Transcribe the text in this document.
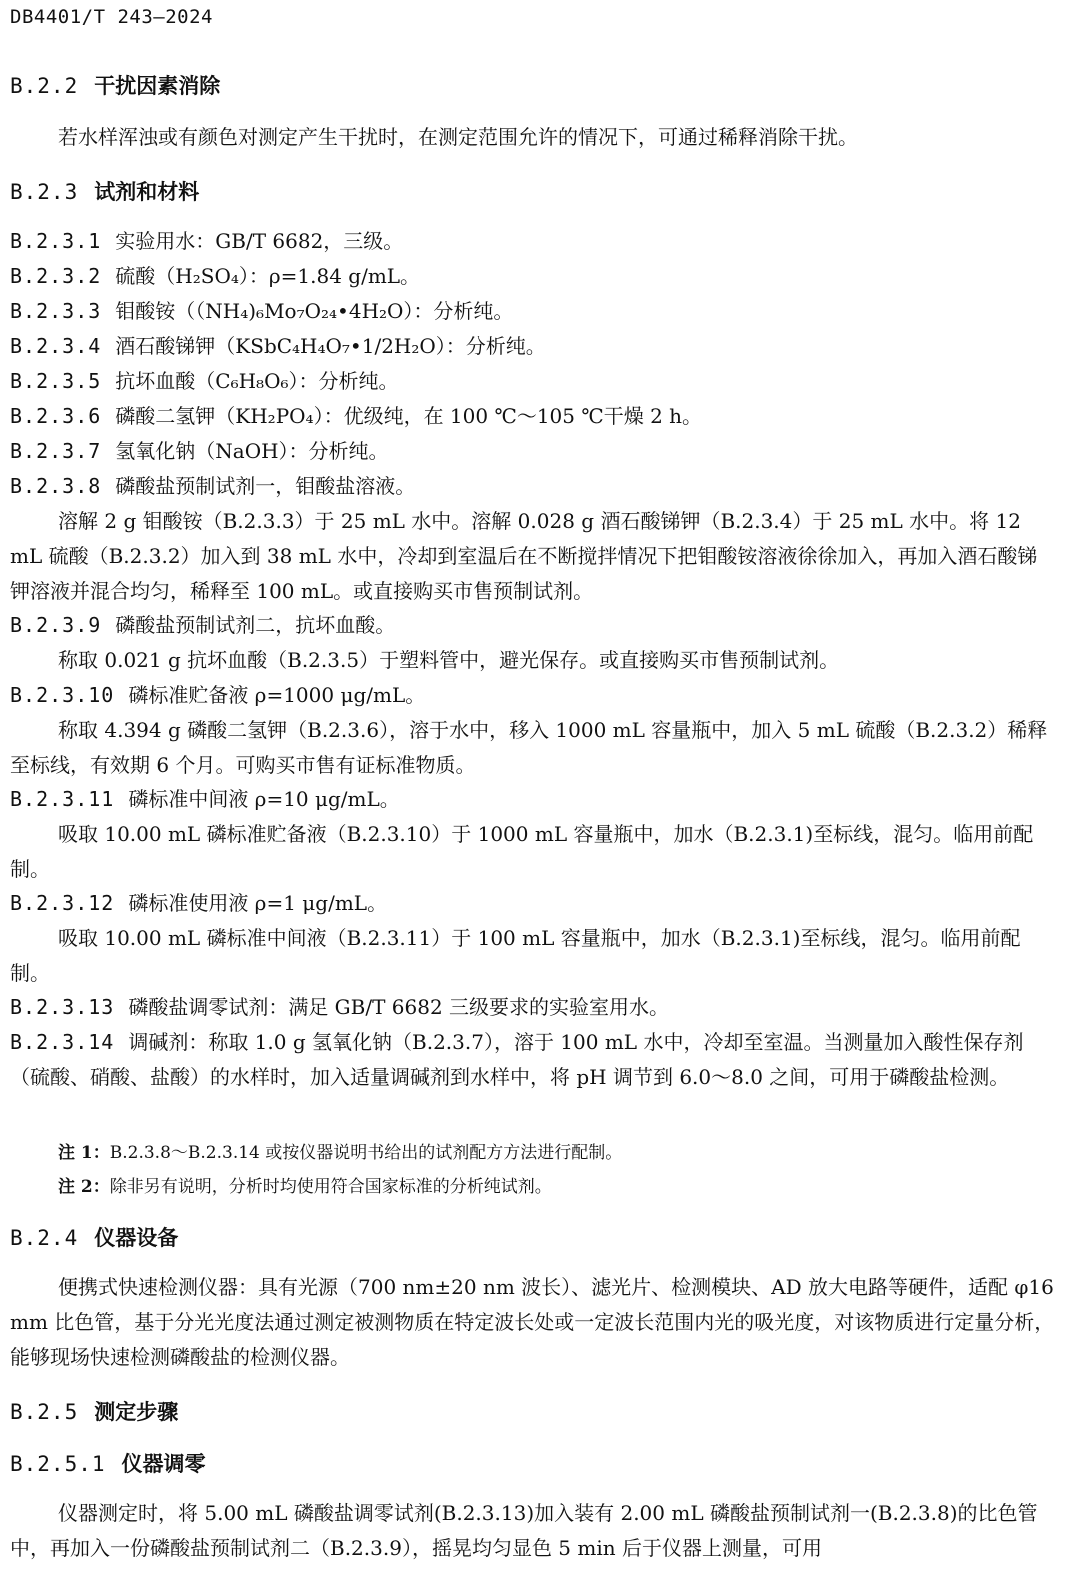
DB4401/T 243—2024
B.2.2 干扰因素消除
若水样浑浊或有颜色对测定产生干扰时，在测定范围允许的情况下，可通过稀释消除干扰。
B.2.3 试剂和材料
B.2.3.1 实验用水：GB/T 6682，三级。
B.2.3.2 硫酸（H₂SO₄）：ρ=1.84 g/mL。
B.2.3.3 钼酸铵（（NH₄)₆Mo₇O₂₄•4H₂O）：分析纯。
B.2.3.4 酒石酸锑钾（KSbC₄H₄O₇•1/2H₂O）：分析纯。
B.2.3.5 抗坏血酸（C₆H₈O₆）：分析纯。
B.2.3.6 磷酸二氢钾（KH₂PO₄）：优级纯，在 100 ℃～105 ℃干燥 2 h。
B.2.3.7 氢氧化钠（NaOH）：分析纯。
B.2.3.8 磷酸盐预制试剂一，钼酸盐溶液。
溶解 2 g 钼酸铵（B.2.3.3）于 25 mL 水中。溶解 0.028 g 酒石酸锑钾（B.2.3.4）于 25 mL 水中。将 12 mL 硫酸（B.2.3.2）加入到 38 mL 水中，冷却到室温后在不断搅拌情况下把钼酸铵溶液徐徐加入，再加入酒石酸锑钾溶液并混合均匀，稀释至 100 mL。或直接购买市售预制试剂。
B.2.3.9 磷酸盐预制试剂二，抗坏血酸。
称取 0.021 g 抗坏血酸（B.2.3.5）于塑料管中，避光保存。或直接购买市售预制试剂。
B.2.3.10 磷标准贮备液 ρ=1000 μg/mL。
称取 4.394 g 磷酸二氢钾（B.2.3.6），溶于水中，移入 1000 mL 容量瓶中，加入 5 mL 硫酸（B.2.3.2）稀释至标线，有效期 6 个月。可购买市售有证标准物质。
B.2.3.11 磷标准中间液 ρ=10 μg/mL。
吸取 10.00 mL 磷标准贮备液（B.2.3.10）于 1000 mL 容量瓶中，加水（B.2.3.1)至标线，混匀。临用前配制。
B.2.3.12 磷标准使用液 ρ=1 μg/mL。
吸取 10.00 mL 磷标准中间液（B.2.3.11）于 100 mL 容量瓶中，加水（B.2.3.1)至标线，混匀。临用前配制。
B.2.3.13 磷酸盐调零试剂：满足 GB/T 6682 三级要求的实验室用水。
B.2.3.14 调碱剂：称取 1.0 g 氢氧化钠（B.2.3.7），溶于 100 mL 水中，冷却至室温。当测量加入酸性保存剂（硫酸、硝酸、盐酸）的水样时，加入适量调碱剂到水样中，将 pH 调节到 6.0～8.0 之间，可用于磷酸盐检测。
注 1：B.2.3.8～B.2.3.14 或按仪器说明书给出的试剂配方方法进行配制。
注 2：除非另有说明，分析时均使用符合国家标准的分析纯试剂。
B.2.4 仪器设备
便携式快速检测仪器：具有光源（700 nm±20 nm 波长）、滤光片、检测模块、AD 放大电路等硬件，适配 φ16 mm 比色管，基于分光光度法通过测定被测物质在特定波长处或一定波长范围内光的吸光度，对该物质进行定量分析，能够现场快速检测磷酸盐的检测仪器。
B.2.5 测定步骤
B.2.5.1 仪器调零
仪器测定时，将 5.00 mL 磷酸盐调零试剂(B.2.3.13)加入装有 2.00 mL 磷酸盐预制试剂一(B.2.3.8)的比色管中，再加入一份磷酸盐预制试剂二（B.2.3.9），摇晃均匀显色 5 min 后于仪器上测量，可用
